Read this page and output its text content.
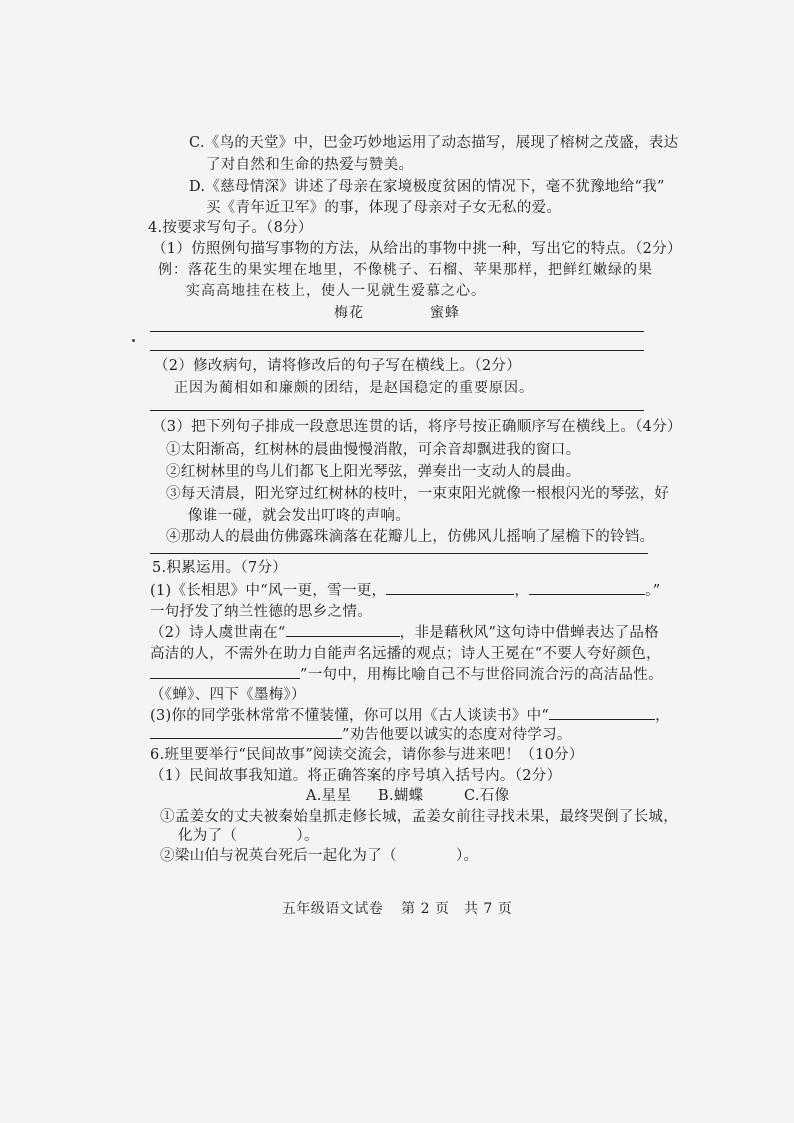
C.《鸟的天堂》中，巴金巧妙地运用了动态描写，展现了榕树之茂盛，表达
了对自然和生命的热爱与赞美。
D.《慈母情深》讲述了母亲在家境极度贫困的情况下，毫不犹豫地给“我”
买《青年近卫军》的事，体现了母亲对子女无私的爱。
4.按要求写句子。（8分）
（1）仿照例句描写事物的方法，从给出的事物中挑一种，写出它的特点。（2分）
例：落花生的果实埋在地里，不像桃子、石榴、苹果那样，把鲜红嫩绿的果
实高高地挂在枝上，使人一见就生爱慕之心。
梅花	蜜蜂
（2）修改病句，请将修改后的句子写在横线上。（2分）
正因为蔺相如和廉颇的团结，是赵国稳定的重要原因。
（3）把下列句子排成一段意思连贯的话，将序号按正确顺序写在横线上。（4分）
①太阳渐高，红树林的晨曲慢慢消散，可余音却飘进我的窗口。
②红树林里的鸟儿们都飞上阳光琴弦，弹奏出一支动人的晨曲。
③每天清晨，阳光穿过红树林的枝叶，一束束阳光就像一根根闪光的琴弦，好
像谁一碰，就会发出叮咚的声响。
④那动人的晨曲仿佛露珠滴落在花瓣儿上，仿佛风儿摇响了屋檐下的铃铛。
5.积累运用。（7分）
(1)《长相思》中“风一更，雪一更，	，	。”
一句抒发了纳兰性德的思乡之情。
（2）诗人虞世南在“	，非是藉秋风”这句诗中借蝉表达了品格
高洁的人，不需外在助力自能声名远播的观点；诗人王冕在“不要人夸好颜色，
”一句中，用梅比喻自己不与世俗同流合污的高洁品性。
（《蝉》、四下《墨梅》）
(3)你的同学张林常常不懂装懂，你可以用《古人谈读书》中“	，
”劝告他要以诚实的态度对待学习。
6.班里要举行“民间故事”阅读交流会，请你参与进来吧！（10分）
（1）民间故事我知道。将正确答案的序号填入括号内。（2分）
A.星星 B.蝴蝶	C.石像
①孟姜女的丈夫被秦始皇抓走修长城，孟姜女前往寻找未果，最终哭倒了长城，
化为了（　　　　）。
②梁山伯与祝英台死后一起化为了（　　　　）。
五年级语文试卷 第 2 页　共 7 页
